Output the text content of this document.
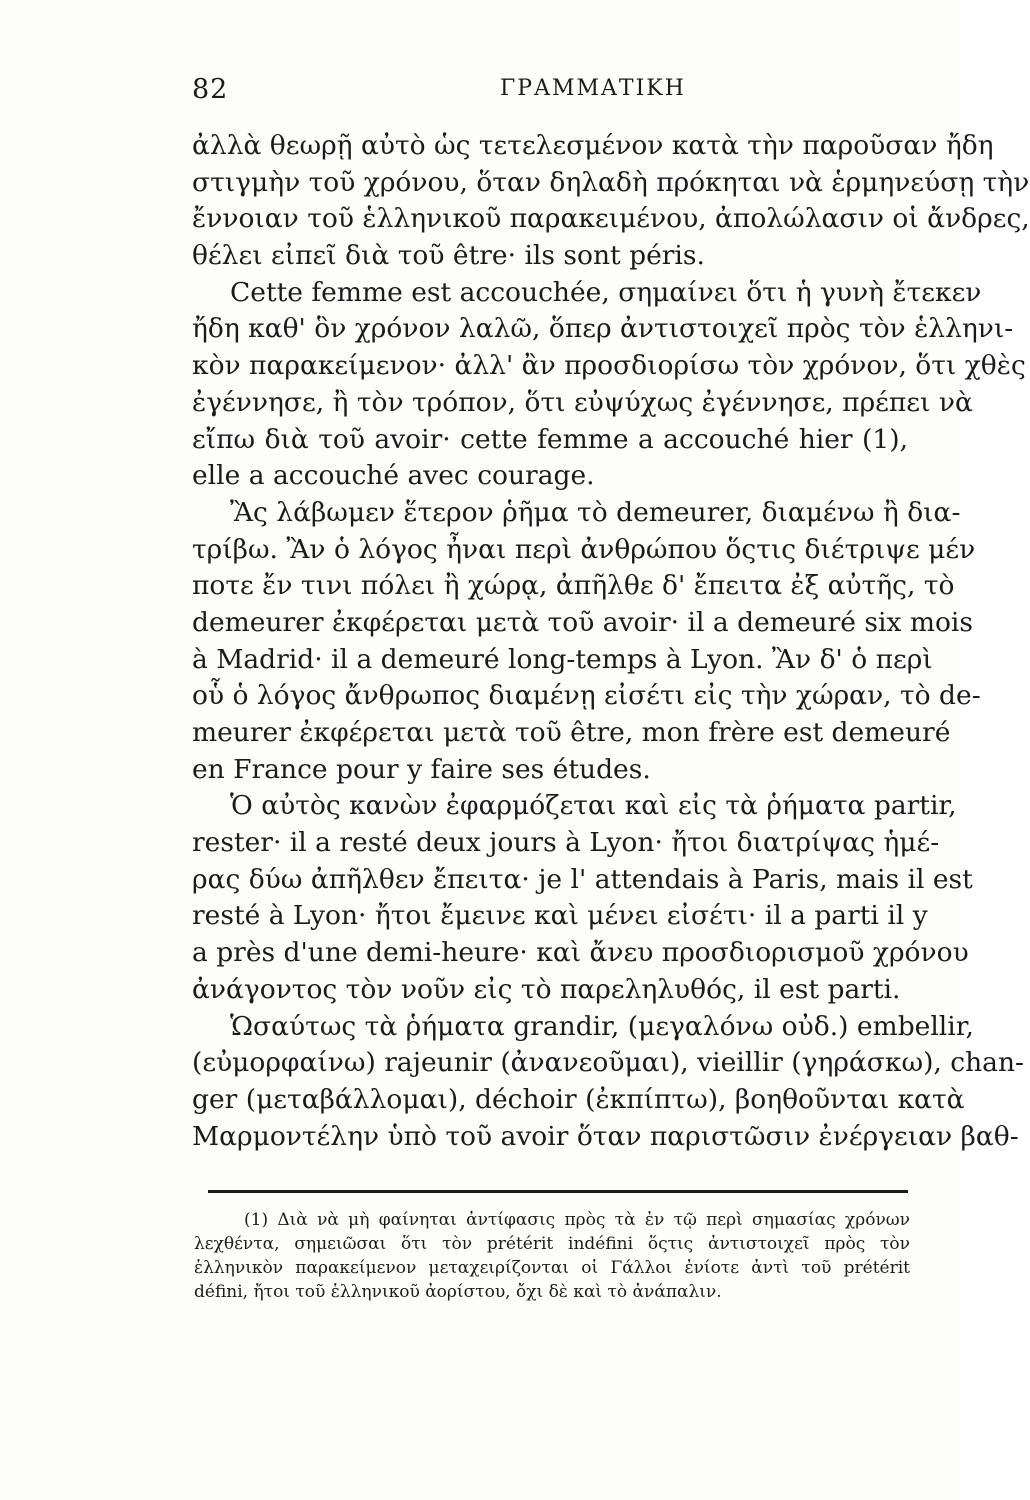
82	ΓΡΑΜΜΑΤΙΚΗ
ἀλλὰ θεωρῇ αὐτὸ ὡς τετελεσμένον κατὰ τὴν παροῦσαν ἤδη
στιγμὴν τοῦ χρόνου, ὅταν δηλαδὴ πρόκηται νὰ ἑρμηνεύσῃ τὴν
ἔννοιαν τοῦ ἑλληνικοῦ παρακειμένου, ἀπολώλασιν οἱ ἄνδρες,
θέλει εἰπεῖ διὰ τοῦ être· ils sont péris.
Cette femme est accouchée, σημαίνει ὅτι ἡ γυνὴ ἔτεκεν
ἤδη καθ' ὃν χρόνον λαλῶ, ὅπερ ἀντιστοιχεῖ πρὸς τὸν ἑλληνι-
κὸν παρακείμενον· ἀλλ' ἂν προσδιορίσω τὸν χρόνον, ὅτι χθὲς
ἐγέννησε, ἢ τὸν τρόπον, ὅτι εὐψύχως ἐγέννησε, πρέπει νὰ
εἴπω διὰ τοῦ avoir· cette femme a accouché hier (1),
elle a accouché avec courage.
Ἂς λάβωμεν ἕτερον ῥῆμα τὸ demeurer, διαμένω ἢ δια-
τρίβω. Ἂν ὁ λόγος ἦναι περὶ ἀνθρώπου ὅςτις διέτριψε μέν
ποτε ἔν τινι πόλει ἢ χώρᾳ, ἀπῆλθε δ' ἔπειτα ἐξ αὐτῆς, τὸ
demeurer ἐκφέρεται μετὰ τοῦ avoir· il a demeuré six mois
à Madrid· il a demeuré long-temps à Lyon. Ἂν δ' ὁ περὶ
οὗ ὁ λόγος ἄνθρωπος διαμένῃ εἰσέτι εἰς τὴν χώραν, τὸ de-
meurer ἐκφέρεται μετὰ τοῦ être, mon frère est demeuré
en France pour y faire ses études.
Ὁ αὐτὸς κανὼν ἐφαρμόζεται καὶ εἰς τὰ ῥήματα partir,
rester· il a resté deux jours à Lyon· ἤτοι διατρίψας ἡμέ-
ρας δύω ἀπῆλθεν ἔπειτα· je l' attendais à Paris, mais il est
resté à Lyon· ἤτοι ἔμεινε καὶ μένει εἰσέτι· il a parti il y
a près d'une demi-heure· καὶ ἄνευ προσδιορισμοῦ χρόνου
ἀνάγοντος τὸν νοῦν εἰς τὸ παρεληλυθός, il est parti.
Ὡσαύτως τὰ ῥήματα grandir, (μεγαλόνω οὐδ.) embellir,
(εὐμορφαίνω) rajeunir (ἀνανεοῦμαι), vieillir (γηράσκω), chan-
ger (μεταβάλλομαι), déchoir (ἐκπίπτω), βοηθοῦνται κατὰ
Μαρμοντέλην ὑπὸ τοῦ avoir ὅταν παριστῶσιν ἐνέργειαν βαθ-
(1) Διὰ νὰ μὴ φαίνηται ἀντίφασις πρὸς τὰ ἐν τῷ περὶ σημασίας χρόνων
λεχθέντα, σημειῶσαι ὅτι τὸν prétérit indéfini ὅςτις ἀντιστοιχεῖ πρὸς τὸν
ἑλληνικὸν παρακείμενον μεταχειρίζονται οἱ Γάλλοι ἐνίοτε ἀντὶ τοῦ prétérit
défini, ἤτοι τοῦ ἑλληνικοῦ ἀορίστου, ὄχι δὲ καὶ τὸ ἀνάπαλιν.
